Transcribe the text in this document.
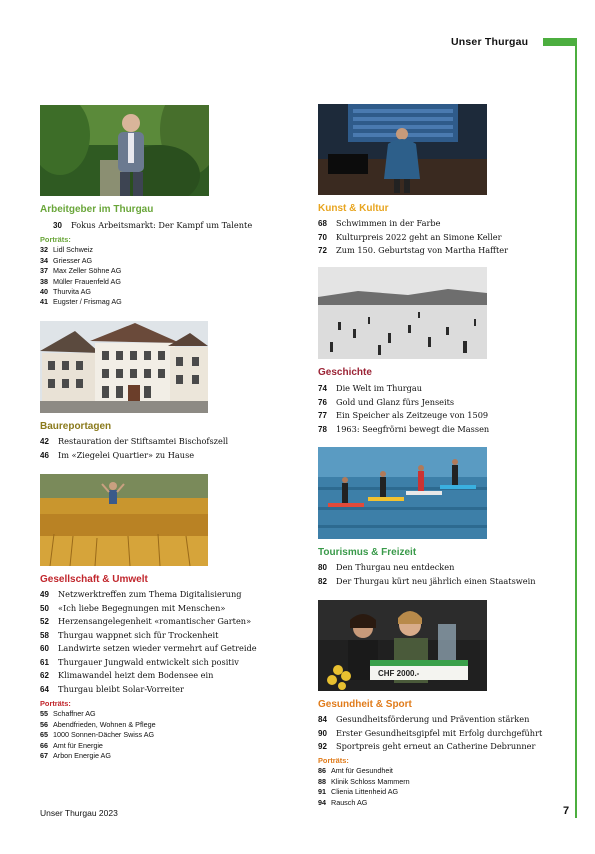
Unser Thurgau
Arbeitgeber im Thurgau
30 Fokus Arbeitsmarkt: Der Kampf um Talente
Porträts:
32 Lidl Schweiz
34 Griesser AG
37 Max Zeller Söhne AG
38 Müller Frauenfeld AG
40 Thurvita AG
41 Eugster / Frismag AG
Baureportagen
42 Restauration der Stiftsamtei Bischofszell
46 Im «Ziegelei Quartier» zu Hause
Gesellschaft & Umwelt
49 Netzwerktreffen zum Thema Digitalisierung
50 «Ich liebe Begegnungen mit Menschen»
52 Herzensangelegenheit «romantischer Garten»
58 Thurgau wappnet sich für Trockenheit
60 Landwirte setzen wieder vermehrt auf Getreide
61 Thurgauer Jungwald entwickelt sich positiv
62 Klimawandel heizt dem Bodensee ein
64 Thurgau bleibt Solar-Vorreiter
Porträts:
55 Schaffner AG
56 Abendfrieden, Wohnen & Pflege
65 1000 Sonnen-Dächer Swiss AG
66 Amt für Energie
67 Arbon Energie AG
Kunst & Kultur
68 Schwimmen in der Farbe
70 Kulturpreis 2022 geht an Simone Keller
72 Zum 150. Geburtstag von Martha Haffter
Geschichte
74 Die Welt im Thurgau
76 Gold und Glanz fürs Jenseits
77 Ein Speicher als Zeitzeuge von 1509
78 1963: Seegfrörni bewegt die Massen
Tourismus & Freizeit
80 Den Thurgau neu entdecken
82 Der Thurgau kürt neu jährlich einen Staatswein
CHF 2000.-
Gesundheit & Sport
84 Gesundheitsförderung und Prävention stärken
90 Erster Gesundheitsgipfel mit Erfolg durchgeführt
92 Sportpreis geht erneut an Catherine Debrunner
Porträts:
86 Amt für Gesundheit
88 Klinik Schloss Mammern
91 Clienia Littenheid AG
94 Rausch AG
Unser Thurgau 2023	7
